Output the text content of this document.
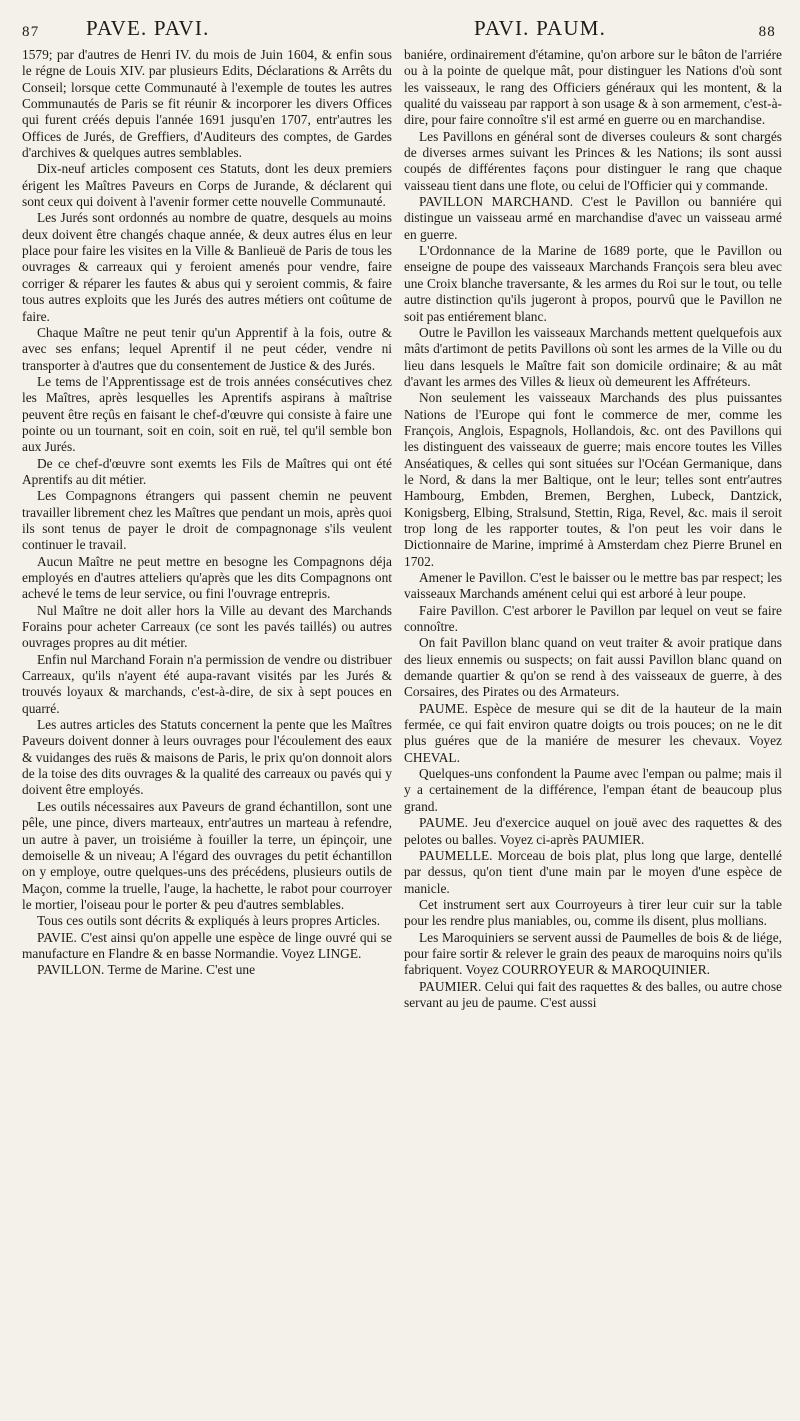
87 PAVE. PAVI.	PAVI. PAUM.	88

1579; par d'autres de Henri IV. du mois de Juin 1604, & enfin sous le régne de Louis XIV. par plusieurs Edits, Déclarations & Arrêts du Conseil; lorsque cette Communauté à l'exemple de toutes les autres Communautés de Paris se fit réunir & incorporer les divers Offices qui furent créés depuis l'année 1691 jusqu'en 1707, entr'autres les Offices de Jurés, de Greffiers, d'Auditeurs des comptes, de Gardes d'archives & quelques autres semblables.

Dix-neuf articles composent ces Statuts, dont les deux premiers érigent les Maîtres Paveurs en Corps de Jurande, & déclarent qui sont ceux qui doivent à l'avenir former cette nouvelle Communauté.

Les Jurés sont ordonnés au nombre de quatre, desquels au moins deux doivent être changés chaque année, & deux autres élus en leur place pour faire les visites en la Ville & Banlieuë de Paris de tous les ouvrages & carreaux qui y feroient amenés pour vendre, faire corriger & réparer les fautes & abus qui y seroient commis, & faire tous autres exploits que les Jurés des autres métiers ont coûtume de faire.

Chaque Maître ne peut tenir qu'un Apprentif à la fois, outre & avec ses enfans; lequel Aprentif il ne peut céder, vendre ni transporter à d'autres que du consentement de Justice & des Jurés.

Le tems de l'Apprentissage est de trois années consécutives chez les Maîtres, après lesquelles les Aprentifs aspirans à maîtrise peuvent être reçûs en faisant le chef-d'œuvre qui consiste à faire une pointe ou un tournant, soit en coin, soit en ruë, tel qu'il semble bon aux Jurés.

De ce chef-d'œuvre sont exemts les Fils de Maîtres qui ont été Aprentifs au dit métier.

Les Compagnons étrangers qui passent chemin ne peuvent travailler librement chez les Maîtres que pendant un mois, après quoi ils sont tenus de payer le droit de compagnonage s'ils veulent continuer le travail.

Aucun Maître ne peut mettre en besogne les Compagnons déja employés en d'autres atteliers qu'après que les dits Compagnons ont achevé le tems de leur service, ou fini l'ouvrage entrepris.

Nul Maître ne doit aller hors la Ville au devant des Marchands Forains pour acheter Carreaux (ce sont les pavés taillés) ou autres ouvrages propres au dit métier.

Enfin nul Marchand Forain n'a permission de vendre ou distribuer Carreaux, qu'ils n'ayent été aupa-ravant visités par les Jurés & trouvés loyaux & marchands, c'est-à-dire, de six à sept pouces en quarré.

Les autres articles des Statuts concernent la pente que les Maîtres Paveurs doivent donner à leurs ouvrages pour l'écoulement des eaux & vuidanges des ruës & maisons de Paris, le prix qu'on donnoit alors de la toise des dits ouvrages & la qualité des carreaux ou pavés qui y doivent être employés.

Les outils nécessaires aux Paveurs de grand échantillon, sont une pêle, une pince, divers marteaux, entr'autres un marteau à refendre, un autre à paver, un troisiéme à fouiller la terre, un épinçoir, une demoiselle & un niveau; A l'égard des ouvrages du petit échantillon on y employe, outre quelques-uns des précédens, plusieurs outils de Maçon, comme la truelle, l'auge, la hachette, le rabot pour courroyer le mortier, l'oiseau pour le porter & peu d'autres semblables.

Tous ces outils sont décrits & expliqués à leurs propres Articles.

PAVIE. C'est ainsi qu'on appelle une espèce de linge ouvré qui se manufacture en Flandre & en basse Normandie. Voyez LINGE.

PAVILLON. Terme de Marine. C'est une

baniére, ordinairement d'étamine, qu'on arbore sur le bâton de l'arriére ou à la pointe de quelque mât, pour distinguer les Nations d'où sont les vaisseaux, le rang des Officiers généraux qui les montent, & la qualité du vaisseau par rapport à son usage & à son armement, c'est-à-dire, pour faire connoître s'il est armé en guerre ou en marchandise.

Les Pavillons en général sont de diverses couleurs & sont chargés de diverses armes suivant les Princes & les Nations; ils sont aussi coupés de différentes façons pour distinguer le rang que chaque vaisseau tient dans une flote, ou celui de l'Officier qui y commande.

PAVILLON MARCHAND. C'est le Pavillon ou banniére qui distingue un vaisseau armé en marchandise d'avec un vaisseau armé en guerre.

L'Ordonnance de la Marine de 1689 porte, que le Pavillon ou enseigne de poupe des vaisseaux Marchands François sera bleu avec une Croix blanche traversante, & les armes du Roi sur le tout, ou telle autre distinction qu'ils jugeront à propos, pourvû que le Pavillon ne soit pas entiérement blanc.

Outre le Pavillon les vaisseaux Marchands mettent quelquefois aux mâts d'artimont de petits Pavillons où sont les armes de la Ville ou du lieu dans lesquels le Maître fait son domicile ordinaire; & au mât d'avant les armes des Villes & lieux où demeurent les Affréteurs.

Non seulement les vaisseaux Marchands des plus puissantes Nations de l'Europe qui font le commerce de mer, comme les François, Anglois, Espagnols, Hollandois, &c. ont des Pavillons qui les distinguent des vaisseaux de guerre; mais encore toutes les Villes Anséatiques, & celles qui sont situées sur l'Océan Germanique, dans le Nord, & dans la mer Baltique, ont le leur; telles sont entr'autres Hambourg, Embden, Bremen, Berghen, Lubeck, Dantzick, Konigsberg, Elbing, Stralsund, Stettin, Riga, Revel, &c. mais il seroit trop long de les rapporter toutes, & l'on peut les voir dans le Dictionnaire de Marine, imprimé à Amsterdam chez Pierre Brunel en 1702.

Amener le Pavillon. C'est le baisser ou le mettre bas par respect; les vaisseaux Marchands aménent celui qui est arboré à leur poupe.

Faire Pavillon. C'est arborer le Pavillon par lequel on veut se faire connoître.

On fait Pavillon blanc quand on veut traiter & avoir pratique dans des lieux ennemis ou suspects; on fait aussi Pavillon blanc quand on demande quartier & qu'on se rend à des vaisseaux de guerre, à des Corsaires, des Pirates ou des Armateurs.

PAUME. Espèce de mesure qui se dit de la hauteur de la main fermée, ce qui fait environ quatre doigts ou trois pouces; on ne le dit plus guéres que de la maniére de mesurer les chevaux. Voyez CHEVAL.

Quelques-uns confondent la Paume avec l'empan ou palme; mais il y a certainement de la différence, l'empan étant de beaucoup plus grand.

PAUME. Jeu d'exercice auquel on jouë avec des raquettes & des pelotes ou balles. Voyez ci-après PAUMIER.

PAUMELLE. Morceau de bois plat, plus long que large, dentellé par dessus, qu'on tient d'une main par le moyen d'une espèce de manicle.

Cet instrument sert aux Courroyeurs à tirer leur cuir sur la table pour les rendre plus maniables, ou, comme ils disent, plus mollians.

Les Maroquiniers se servent aussi de Paumelles de bois & de liége, pour faire sortir & relever le grain des peaux de maroquins noirs qu'ils fabriquent. Voyez COURROYEUR & MAROQUINIER.

PAUMIER. Celui qui fait des raquettes & des balles, ou autre chose servant au jeu de paume. C'est aussi
